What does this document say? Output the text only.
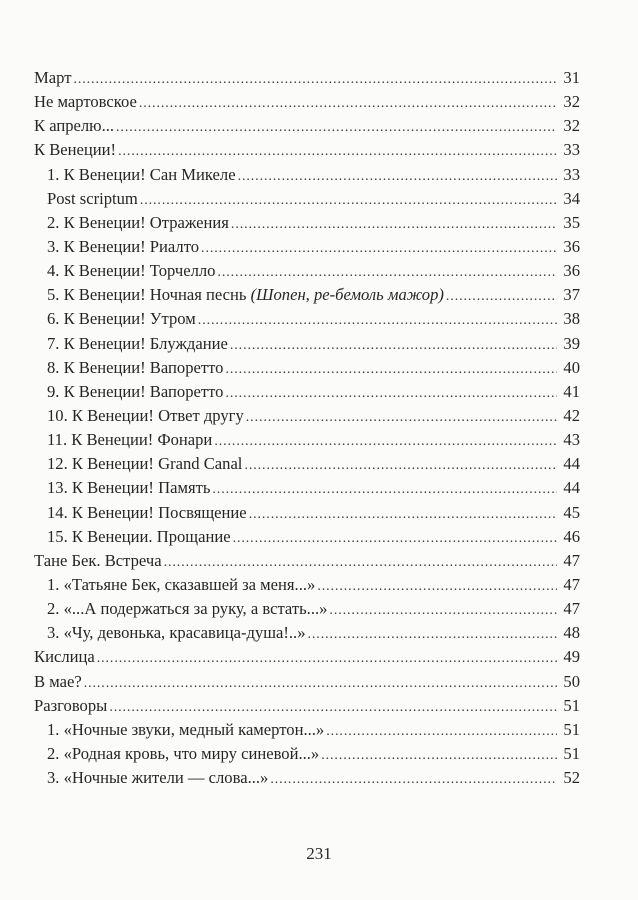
Март . . .	31
Не мартовское . . .	32
К апрелю... . . .	32
К Венеции! . . .	33
1. К Венеции! Сан Микеле . . .	33
Post scriptum . . .	34
2. К Венеции! Отражения . . .	35
3. К Венеции! Риалто . . .	36
4. К Венеции! Торчелло . . .	36
5. К Венеции! Ночная песнь (Шопен, ре-бемоль мажор) . . .	37
6. К Венеции! Утром . . .	38
7. К Венеции! Блуждание . . .	39
8. К Венеции! Вапоретто . . .	40
9. К Венеции! Вапоретто . . .	41
10. К Венеции! Ответ другу . . .	42
11. К Венеции! Фонари . . .	43
12. К Венеции! Grand Canal . . .	44
13. К Венеции! Память . . .	44
14. К Венеции! Посвящение . . .	45
15. К Венеции. Прощание . . .	46
Тане Бек. Встреча . . .	47
1. «Татьяне Бек, сказавшей за меня...» . . .	47
2. «...А подержаться за руку, а встать...» . . .	47
3. «Чу, девонька, красавица-душа!..» . . .	48
Кислица . . .	49
В мае? . . .	50
Разговоры . . .	51
1. «Ночные звуки, медный камертон...» . . .	51
2. «Родная кровь, что миру синевой...» . . .	51
3. «Ночные жители — слова...» . . .	52
231
